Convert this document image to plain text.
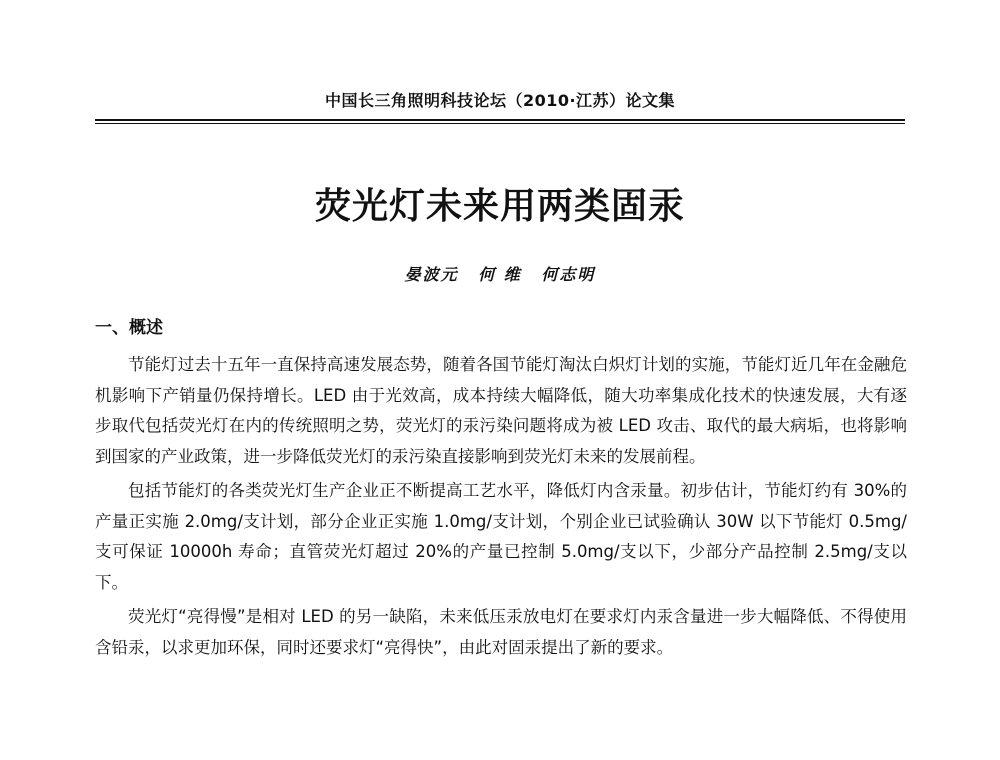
中国长三角照明科技论坛（2010·江苏）论文集
荧光灯未来用两类固汞
晏波元 何 维 何志明
一、概述

节能灯过去十五年一直保持高速发展态势，随着各国节能灯淘汰白炽灯计划的实施，节能灯近几年在金融危机影响下产销量仍保持增长。LED 由于光效高，成本持续大幅降低，随大功率集成化技术的快速发展，大有逐步取代包括荧光灯在内的传统照明之势，荧光灯的汞污染问题将成为被 LED 攻击、取代的最大病垢，也将影响到国家的产业政策，进一步降低荧光灯的汞污染直接影响到荧光灯未来的发展前程。

包括节能灯的各类荧光灯生产企业正不断提高工艺水平，降低灯内含汞量。初步估计，节能灯约有 30%的产量正实施 2.0mg/支计划，部分企业正实施 1.0mg/支计划，个别企业已试验确认 30W 以下节能灯 0.5mg/支可保证 10000h 寿命；直管荧光灯超过 20%的产量已控制 5.0mg/支以下，少部分产品控制 2.5mg/支以下。

荧光灯“亮得慢”是相对 LED 的另一缺陷，未来低压汞放电灯在要求灯内汞含量进一步大幅降低、不得使用含铅汞，以求更加环保，同时还要求灯“亮得快”，由此对固汞提出了新的要求。
